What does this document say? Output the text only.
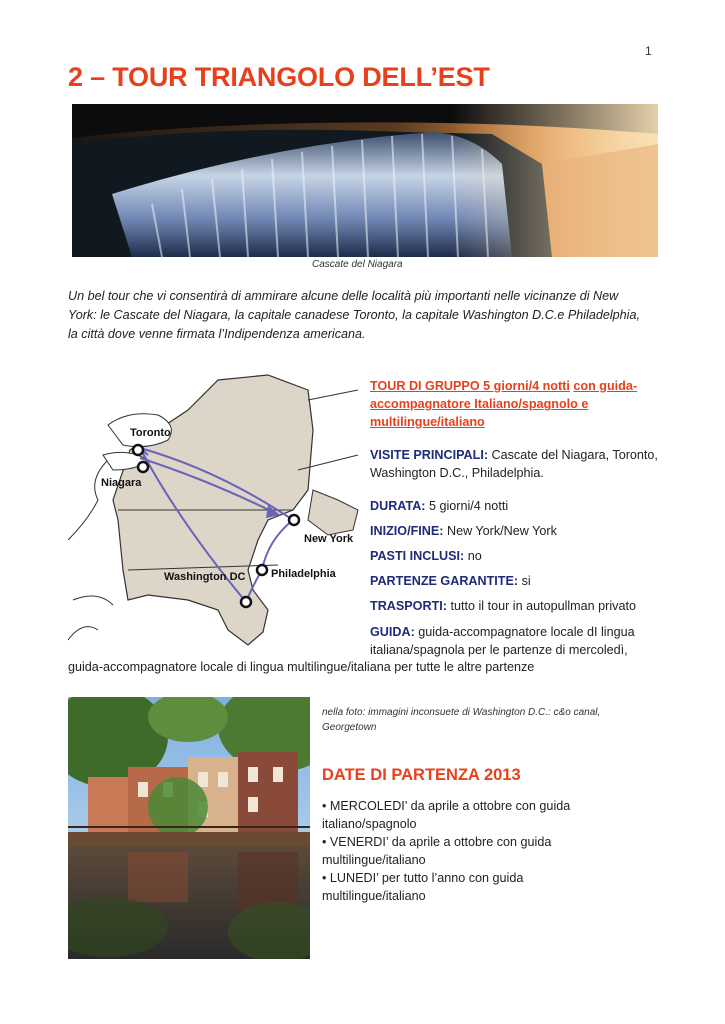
1
2 – TOUR TRIANGOLO DELL’EST
Cascate del Niagara
Un bel tour che vi consentirà di ammirare alcune delle località più importanti nelle vicinanze di New York: le Cascate del Niagara, la capitale canadese Toronto, la capitale Washington D.C.e Philadelphia, la città dove venne firmata l’Indipendenza americana.
Toronto
Niagara
New York
Philadelphia
Washington DC
TOUR DI GRUPPO 5 giorni/4 notti con guida-accompagnatore Italiano/spagnolo e multilingue/italiano
VISITE PRINCIPALI: Cascate del Niagara, Toronto, Washington D.C., Philadelphia.
DURATA: 5 giorni/4 notti
INIZIO/FINE: New York/New York
PASTI INCLUSI: no
PARTENZE GARANTITE: si
TRASPORTI: tutto il tour in autopullman privato
GUIDA: guida-accompagnatore locale dI lingua italiana/spagnola per le partenze di mercoledì,
guida-accompagnatore locale di lingua multilingue/italiana per tutte le altre partenze
nella foto: immagini inconsuete di Washington D.C.: c&o canal, Georgetown
DATE DI PARTENZA 2013
• MERCOLEDI’ da aprile a ottobre con guida italiano/spagnolo
• VENERDI’ da aprile a ottobre con guida multilingue/italiano
• LUNEDI’ per tutto l’anno con guida multilingue/italiano
